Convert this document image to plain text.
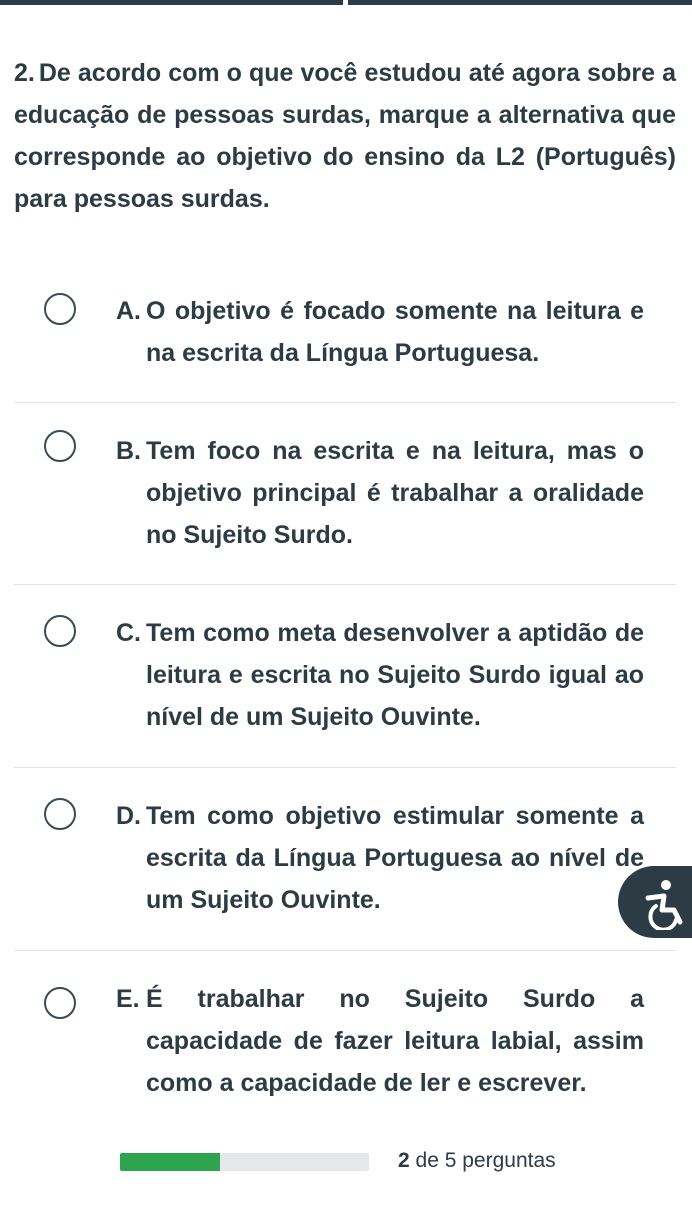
2. De acordo com o que você estudou até agora sobre a educação de pessoas surdas, marque a alternativa que corresponde ao objetivo do ensino da L2 (Português) para pessoas surdas.
A. O objetivo é focado somente na leitura e na escrita da Língua Portuguesa.
B. Tem foco na escrita e na leitura, mas o objetivo principal é trabalhar a oralidade no Sujeito Surdo.
C. Tem como meta desenvolver a aptidão de leitura e escrita no Sujeito Surdo igual ao nível de um Sujeito Ouvinte.
D. Tem como objetivo estimular somente a escrita da Língua Portuguesa ao nível de um Sujeito Ouvinte.
E. É trabalhar no Sujeito Surdo a capacidade de fazer leitura labial, assim como a capacidade de ler e escrever.
2 de 5 perguntas
